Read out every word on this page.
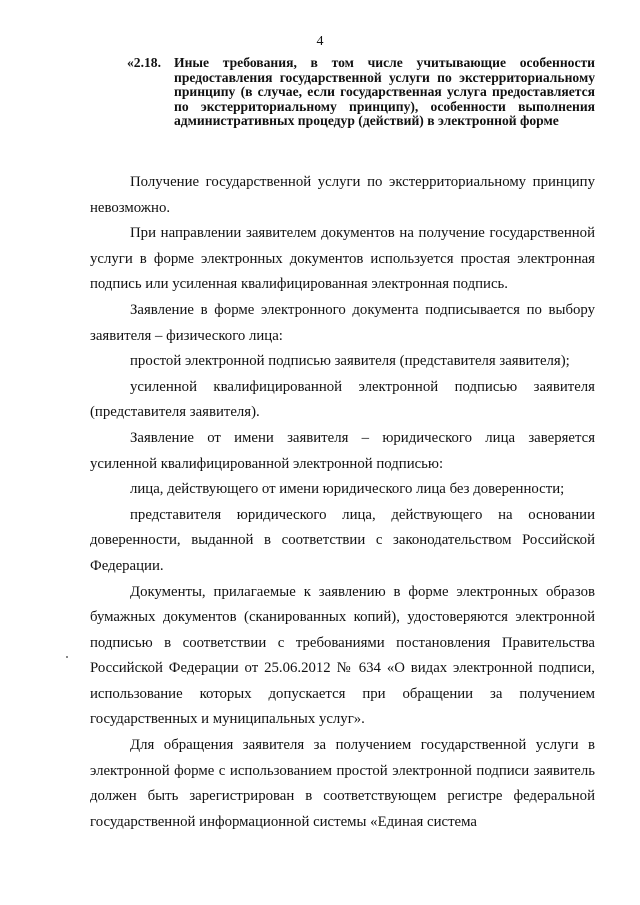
4
«2.18. Иные требования, в том числе учитывающие особенности предоставления государственной услуги по экстерриториальному принципу (в случае, если государственная услуга предоставляется по экстерриториальному принципу), особенности выполнения административных процедур (действий) в электронной форме

Получение государственной услуги по экстерриториальному принципу невозможно.

При направлении заявителем документов на получение государственной услуги в форме электронных документов используется простая электронная подпись или усиленная квалифицированная электронная подпись.

Заявление в форме электронного документа подписывается по выбору заявителя – физического лица:

простой электронной подписью заявителя (представителя заявителя);

усиленной квалифицированной электронной подписью заявителя (представителя заявителя).

Заявление от имени заявителя – юридического лица заверяется усиленной квалифицированной электронной подписью:

лица, действующего от имени юридического лица без доверенности;

представителя юридического лица, действующего на основании доверенности, выданной в соответствии с законодательством Российской Федерации.

Документы, прилагаемые к заявлению в форме электронных образов бумажных документов (сканированных копий), удостоверяются электронной подписью в соответствии с требованиями постановления Правительства Российской Федерации от 25.06.2012 № 634 «О видах электронной подписи, использование которых допускается при обращении за получением государственных и муниципальных услуг».

Для обращения заявителя за получением государственной услуги в электронной форме с использованием простой электронной подписи заявитель должен быть зарегистрирован в соответствующем регистре федеральной государственной информационной системы «Единая система
